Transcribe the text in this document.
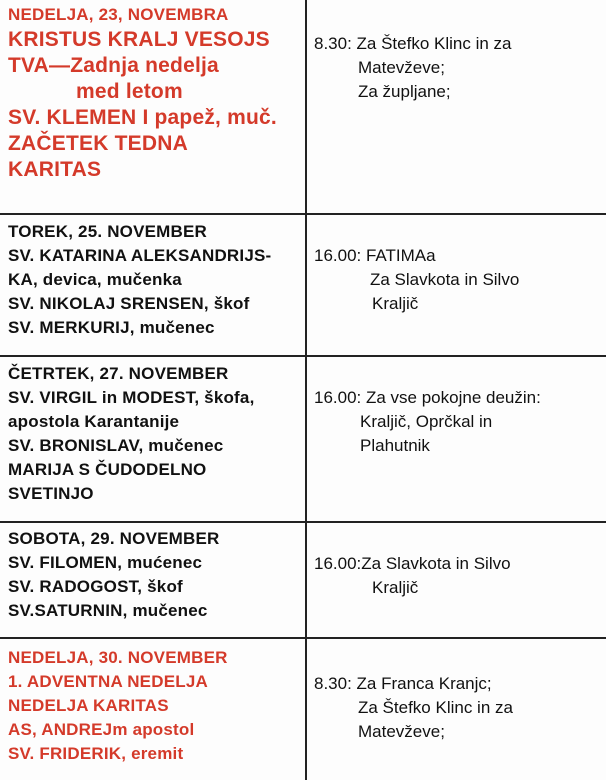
NEDELJA, 23, NOVEMBRA
KRISTUS KRALJ VESOJS
TVA—Zadnja nedelja
med letom
SV. KLEMEN I papež, muč.
ZAČETEK TEDNA
KARITAS
8.30: Za Štefko Klinc in za
Matevževe;
Za župljane;
TOREK, 25. NOVEMBER
SV. KATARINA ALEKSANDRIJS-
KA, devica, mučenka
SV. NIKOLAJ SRENSEN, škof
SV. MERKURIJ, mučenec
16.00: FATIMAa
Za Slavkota in Silvo
Kraljič
ČETRTEK, 27. NOVEMBER
SV. VIRGIL in MODEST, škofa,
apostola Karantanije
SV. BRONISLAV, mučenec
MARIJA S ČUDODELNO
SVETINJO
16.00: Za vse pokojne deužin:
Kraljič, Oprčkal in
Plahutnik
SOBOTA, 29. NOVEMBER
SV. FILOMEN, mućenec
SV. RADOGOST, škof
SV.SATURNIN, mučenec
16.00:Za Slavkota in Silvo
Kraljič
NEDELJA, 30. NOVEMBER
1. ADVENTNA NEDELJA
NEDELJA KARITAS
AS, ANDREJm apostol
SV. FRIDERIK, eremit
8.30: Za Franca Kranjc;
Za Štefko Klinc in za
Matevževe;
